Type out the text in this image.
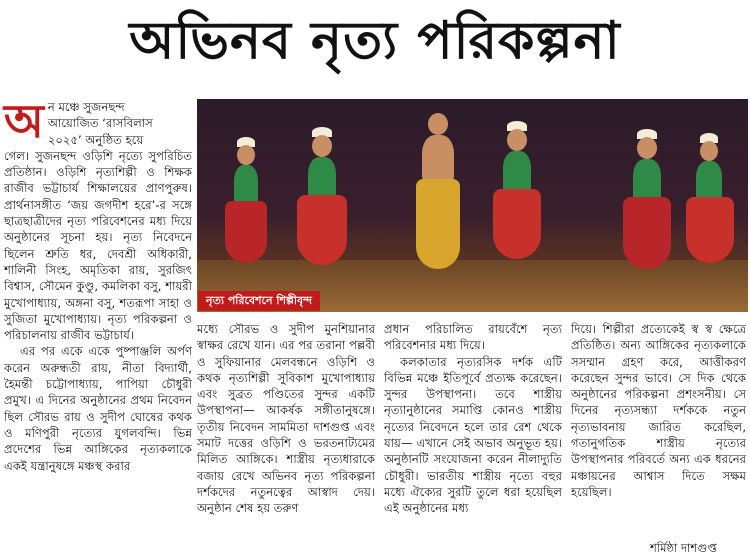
অভিনব নৃত্য পরিকল্পনা
অ ন মঞ্চে সুজনছন্দ
আয়োজিত ‘রাসবিলাস
২০২৫’ অনুষ্ঠিত হয়ে

গেল। সুজনছন্দ ওড়িশি নৃত্যে সুপরিচিত প্রতিষ্ঠান। ওড়িশি নৃত্যশিল্পী ও শিক্ষক রাজীব ভট্টাচার্য শিক্ষালয়ের প্রাণপুরুষ। প্রার্থনাসঙ্গীত ‘জয় জগদীশ হরে’-র সঙ্গে ছাত্রছাত্রীদের নৃত্য পরিবেশনের মধ্য দিয়ে অনুষ্ঠানের সূচনা হয়। নৃত্য নিবেদনে ছিলেন শ্রুতি ধর, দেবশ্রী অধিকারী, শালিনী সিংহ, অমৃতিকা রায়, সুরজিৎ বিশ্বাস, সৌমেন কুণ্ডু, কমলিকা বসু, শায়রী মুখোপাধ্যায়, অঙ্গনা বসু, শতরূপা সাহা ও সুজিতা মুখোপাধ্যায়। নৃত্য পরিকল্পনা ও পরিচালনায় রাজীব ভট্টাচার্য।

এর পর একে একে পুষ্পাঞ্জলি অর্পণ করেন অরুন্ধতী রায়, নীতা বিদ্যার্থী, হৈমন্তী চট্টোপাধ্যায়, পাপিয়া চৌধুরী প্রমুখ। এ দিনের অনুষ্ঠানের প্রথম নিবেদন ছিল সৌরভ রায় ও সুদীপ ঘোষের কথক ও মণিপুরী নৃত্যের যুগলবন্দি। ভিন্ন প্রদেশের ভিন্ন আঙ্গিকের নৃত্যকলাকে একই যন্ত্রানুষঙ্গে মঞ্চস্থ করার

নৃত্য পরিবেশনে শিল্পীবৃন্দ

মধ্যে সৌরভ ও সুদীপ মুনশিয়ানার স্বাক্ষর রেখে যান। এর পর তরানা পল্লবী ও সুফিয়ানার মেলবন্ধনে ওড়িশি ও কথক নৃত্যশিল্পী সুবিকাশ মুখোপাধ্যায় এবং সুব্রত পণ্ডিতের সুন্দর একটি উপস্থাপনা— আকর্ষক সঙ্গীতানুষঙ্গে। তৃতীয় নিবেদন সামমিতা দাশগুপ্ত এবং সমাট দত্তের ওড়িশি ও ভরতনাট্যমের মিলিত আঙ্গিকে। শাস্ত্রীয় নৃত্যধারাকে বজায় রেখে অভিনব নৃত্য পরিকল্পনা দর্শকদের নতুনত্বের আস্বাদ দেয়। অনুষ্ঠান শেষ হয় তরুণ

প্রধান পরিচালিত রায়বেঁশে নৃত্য পরিবেশনার মধ্য দিয়ে।

কলকাতার নৃত্যরসিক দর্শক এটি বিভিন্ন মঞ্চে ইতিপূর্বে প্রত্যক্ষ করেছেন। সুন্দর উপস্থাপনা। তবে শাস্ত্রীয় নৃত্যানুষ্ঠানের সমাপ্তি কোনও শাস্ত্রীয় নৃত্যের নিবেদনে হলে তার রেশ থেকে যায়— এখানে সেই অভাব অনুভূত হয়। অনুষ্ঠানটি সংযোজনা করেন নীলাদ্যুতি চৌধুরী। ভারতীয় শাস্ত্রীয় নৃত্যে বহুর মধ্যে ঐক্যের সুরটি তুলে ধরা হয়েছিল এই অনুষ্ঠানের মধ্য

দিয়ে। শিল্পীরা প্রত্যেকেই স্ব স্ব ক্ষেত্রে প্রতিষ্ঠিত। অন্য আঙ্গিকের নৃত্যকলাকে সসম্মান গ্রহণ করে, আত্তীকরণ করেছেন সুন্দর ভাবে। সে দিক থেকে অনুষ্ঠানের পরিকল্পনা প্রশংসনীয়। সে দিনের নৃত্যসন্ধ্যা দর্শককে নতুন নৃত্যভাবনায় জারিত করেছিল, গতানুগতিক শাস্ত্রীয় নৃত্যের উপস্থাপনার পরিবর্তে অন্য এক ধরনের মঞ্চায়নের আশ্বাস দিতে সক্ষম হয়েছিল।

শর্মিষ্ঠা দাশগুপ্ত
